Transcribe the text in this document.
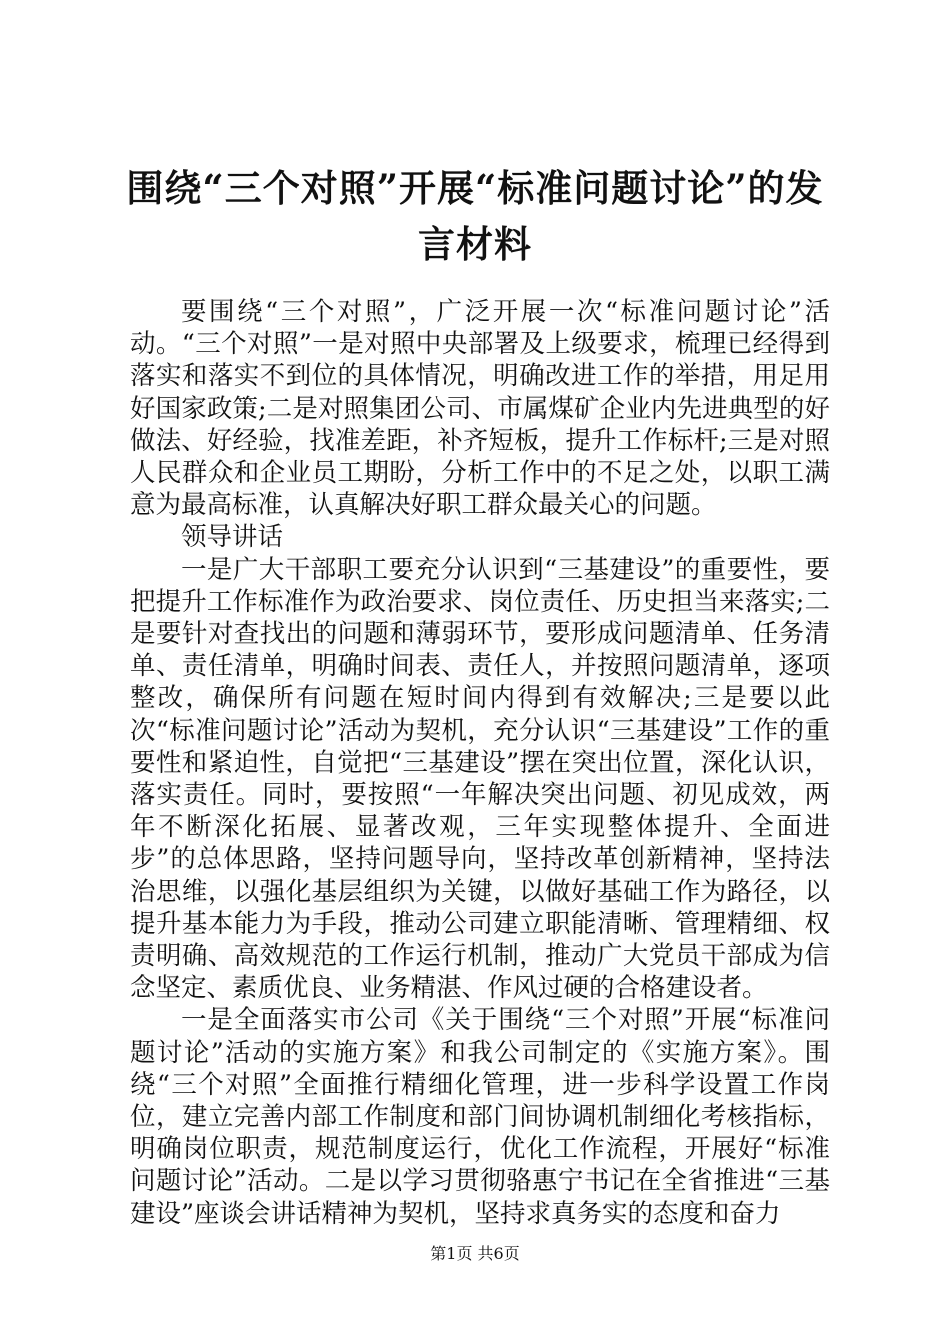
围绕“三个对照”开展“标准问题讨论”的发言材料

要围绕“三个对照”，广泛开展一次“标准问题讨论”活动。“三个对照”一是对照中央部署及上级要求，梳理已经得到落实和落实不到位的具体情况，明确改进工作的举措，用足用好国家政策;二是对照集团公司、市属煤矿企业内先进典型的好做法、好经验，找准差距，补齐短板，提升工作标杆;三是对照人民群众和企业员工期盼，分析工作中的不足之处，以职工满意为最高标准，认真解决好职工群众最关心的问题。

领导讲话

一是广大干部职工要充分认识到“三基建设”的重要性，要把提升工作标准作为政治要求、岗位责任、历史担当来落实;二是要针对查找出的问题和薄弱环节，要形成问题清单、任务清单、责任清单，明确时间表、责任人，并按照问题清单，逐项整改，确保所有问题在短时间内得到有效解决;三是要以此次“标准问题讨论”活动为契机，充分认识“三基建设”工作的重要性和紧迫性，自觉把“三基建设”摆在突出位置，深化认识，落实责任。同时，要按照“一年解决突出问题、初见成效，两年不断深化拓展、显著改观，三年实现整体提升、全面进步”的总体思路，坚持问题导向，坚持改革创新精神，坚持法治思维，以强化基层组织为关键，以做好基础工作为路径，以提升基本能力为手段，推动公司建立职能清晰、管理精细、权责明确、高效规范的工作运行机制，推动广大党员干部成为信念坚定、素质优良、业务精湛、作风过硬的合格建设者。

一是全面落实市公司《关于围绕“三个对照”开展“标准问题讨论”活动的实施方案》和我公司制定的《实施方案》。围绕“三个对照”全面推行精细化管理，进一步科学设置工作岗位，建立完善内部工作制度和部门间协调机制细化考核指标，明确岗位职责，规范制度运行，优化工作流程，开展好“标准问题讨论”活动。二是以学习贯彻骆惠宁书记在全省推进“三基建设”座谈会讲话精神为契机，坚持求真务实的态度和奋力

第1页 共6页
